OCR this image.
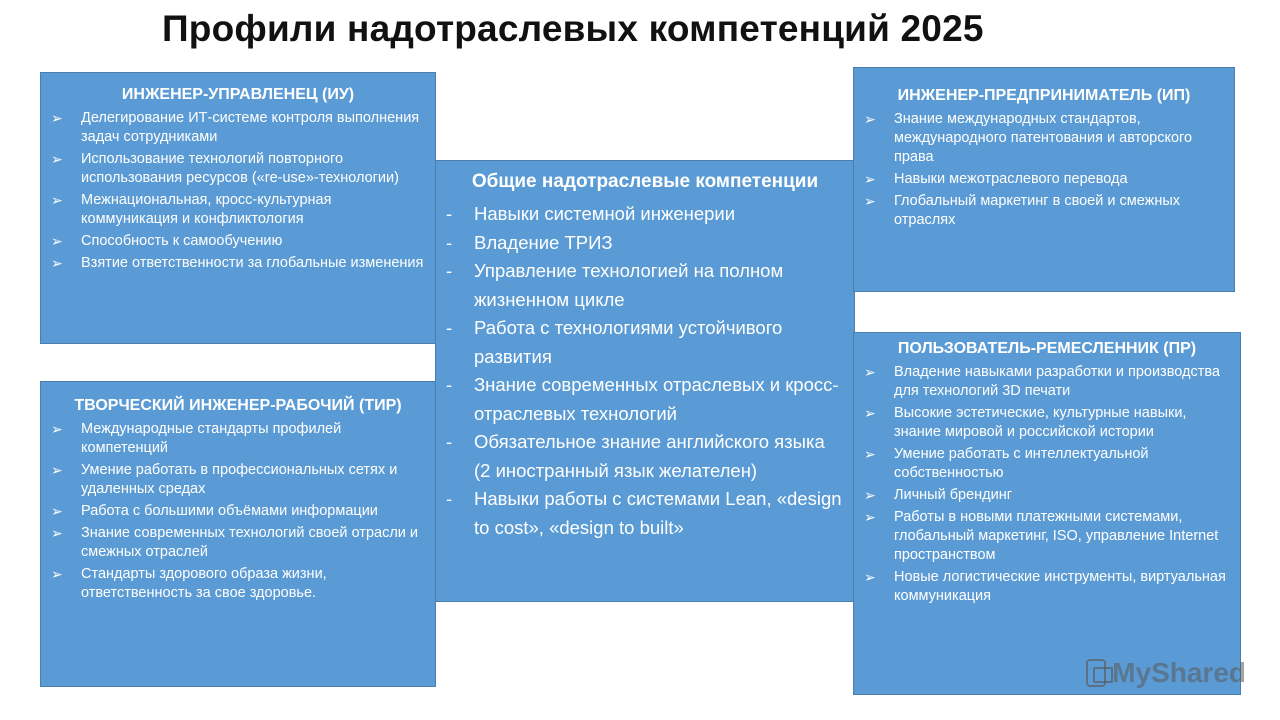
Профили надотраслевых компетенций 2025
ИНЖЕНЕР-УПРАВЛЕНЕЦ (ИУ)
➢ Делегирование ИТ-системе контроля выполнения задач сотрудниками
➢ Использование технологий повторного использования ресурсов («re-use»-технологии)
➢ Межнациональная, кросс-культурная коммуникация и конфликтология
➢ Способность к самообучению
➢ Взятие ответственности за глобальные изменения
ТВОРЧЕСКИЙ ИНЖЕНЕР-РАБОЧИЙ (ТИР)
➢ Международные стандарты профилей компетенций
➢ Умение работать в профессиональных сетях и удаленных средах
➢ Работа с большими объёмами информации
➢ Знание современных технологий своей отрасли и смежных отраслей
➢ Стандарты здорового образа жизни, ответственность за свое здоровье.
Общие надотраслевые компетенции
- Навыки системной инженерии
- Владение ТРИЗ
- Управление технологией на полном жизненном цикле
- Работа с технологиями устойчивого развития
- Знание современных отраслевых и кросс-отраслевых технологий
- Обязательное знание английского языка (2 иностранный язык желателен)
- Навыки работы с системами Lean, «design to cost», «design to built»
ИНЖЕНЕР-ПРЕДПРИНИМАТЕЛЬ (ИП)
➢ Знание международных стандартов, международного патентования и авторского права
➢ Навыки межотраслевого перевода
➢ Глобальный маркетинг в своей и смежных отраслях
ПОЛЬЗОВАТЕЛЬ-РЕМЕСЛЕННИК (ПР)
➢ Владение навыками разработки и производства для технологий 3D печати
➢ Высокие эстетические, культурные навыки, знание мировой и российской истории
➢ Умение работать с интеллектуальной собственностью
➢ Личный брендинг
➢ Работы в новыми платежными системами, глобальный маркетинг, ISO, управление Internet пространством
➢ Новые логистические инструменты, виртуальная коммуникация
MyShared
